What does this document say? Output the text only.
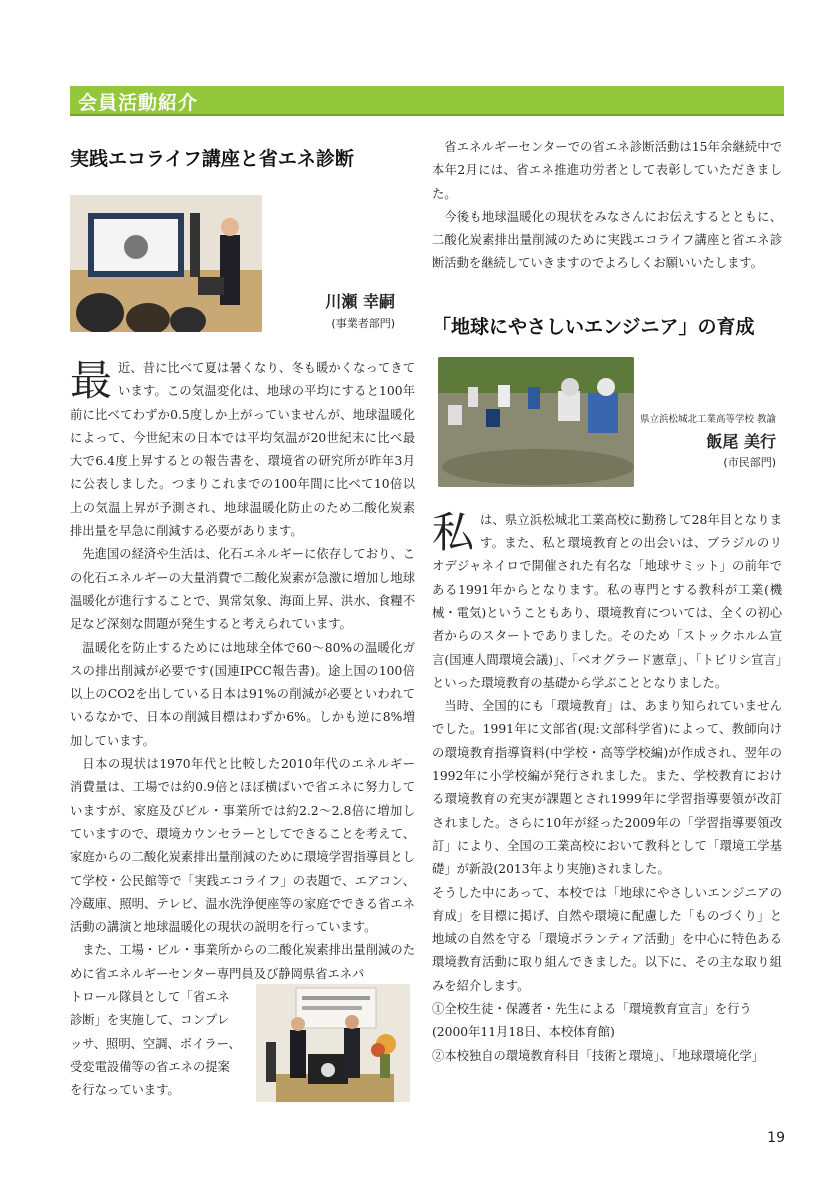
会員活動紹介
実践エコライフ講座と省エネ診断
川瀬 幸嗣
(事業者部門)

最近、昔に比べて夏は暑くなり、冬も暖かくなってきています。この気温変化は、地球の平均にすると100年前に比べてわずか0.5度しか上がっていませんが、地球温暖化によって、今世紀末の日本では平均気温が20世紀末に比べ最大で6.4度上昇するとの報告書を、環境省の研究所が昨年3月に公表しました。つまりこれまでの100年間に比べて10倍以上の気温上昇が予測され、地球温暖化防止のため二酸化炭素排出量を早急に削減する必要があります。

先進国の経済や生活は、化石エネルギーに依存しており、この化石エネルギーの大量消費で二酸化炭素が急激に増加し地球温暖化が進行することで、異常気象、海面上昇、洪水、食糧不足など深刻な問題が発生すると考えられています。

温暖化を防止するためには地球全体で60〜80%の温暖化ガスの排出削減が必要です(国連IPCC報告書)。途上国の100倍以上のCO2を出している日本は91%の削減が必要といわれているなかで、日本の削減目標はわずか6%。しかも逆に8%増加しています。

日本の現状は1970年代と比較した2010年代のエネルギー消費量は、工場では約0.9倍とほぼ横ばいで省エネに努力していますが、家庭及びビル・事業所では約2.2〜2.8倍に増加していますので、環境カウンセラーとしてできることを考えて、家庭からの二酸化炭素排出量削減のために環境学習指導員として学校・公民館等で「実践エコライフ」の表題で、エアコン、冷蔵庫、照明、テレビ、温水洗浄便座等の家庭でできる省エネ活動の講演と地球温暖化の現状の説明を行っています。

また、工場・ビル・事業所からの二酸化炭素排出量削減のために省エネルギーセンター専門員及び静岡県省エネパ

トロール隊員として「省エネ

診断」を実施して、コンプレ

ッサ、照明、空調、ボイラー、

受変電設備等の省エネの提案

を行なっています。

省エネルギーセンターでの省エネ診断活動は15年余継続中で本年2月には、省エネ推進功労者として表彰していただきました。

今後も地球温暖化の現状をみなさんにお伝えするとともに、二酸化炭素排出量削減のために実践エコライフ講座と省エネ診断活動を継続していきますのでよろしくお願いいたします。

「地球にやさしいエンジニア」の育成
県立浜松城北工業高等学校 教諭
飯尾 美行
(市民部門)

私は、県立浜松城北工業高校に勤務して28年目となります。また、私と環境教育との出会いは、ブラジルのリオデジャネイロで開催された有名な「地球サミット」の前年である1991年からとなります。私の専門とする教科が工業(機械・電気)ということもあり、環境教育については、全くの初心者からのスタートでありました。そのため「ストックホルム宣言(国連人間環境会議)」、「ベオグラード憲章」、「トビリシ宣言」といった環境教育の基礎から学ぶこととなりました。

当時、全国的にも「環境教育」は、あまり知られていませんでした。1991年に文部省(現:文部科学省)によって、教師向けの環境教育指導資料(中学校・高等学校編)が作成され、翌年の1992年に小学校編が発行されました。また、学校教育における環境教育の充実が課題とされ1999年に学習指導要領が改訂されました。さらに10年が経った2009年の「学習指導要領改訂」により、全国の工業高校において教科として「環境工学基礎」が新設(2013年より実施)されました。

そうした中にあって、本校では「地球にやさしいエンジニアの育成」を目標に掲げ、自然や環境に配慮した「ものづくり」と地域の自然を守る「環境ボランティア活動」を中心に特色ある環境教育活動に取り組んできました。以下に、その主な取り組みを紹介します。

①全校生徒・保護者・先生による「環境教育宣言」を行う

(2000年11月18日、本校体育館)

②本校独自の環境教育科目「技術と環境」、「地球環境化学」

19
